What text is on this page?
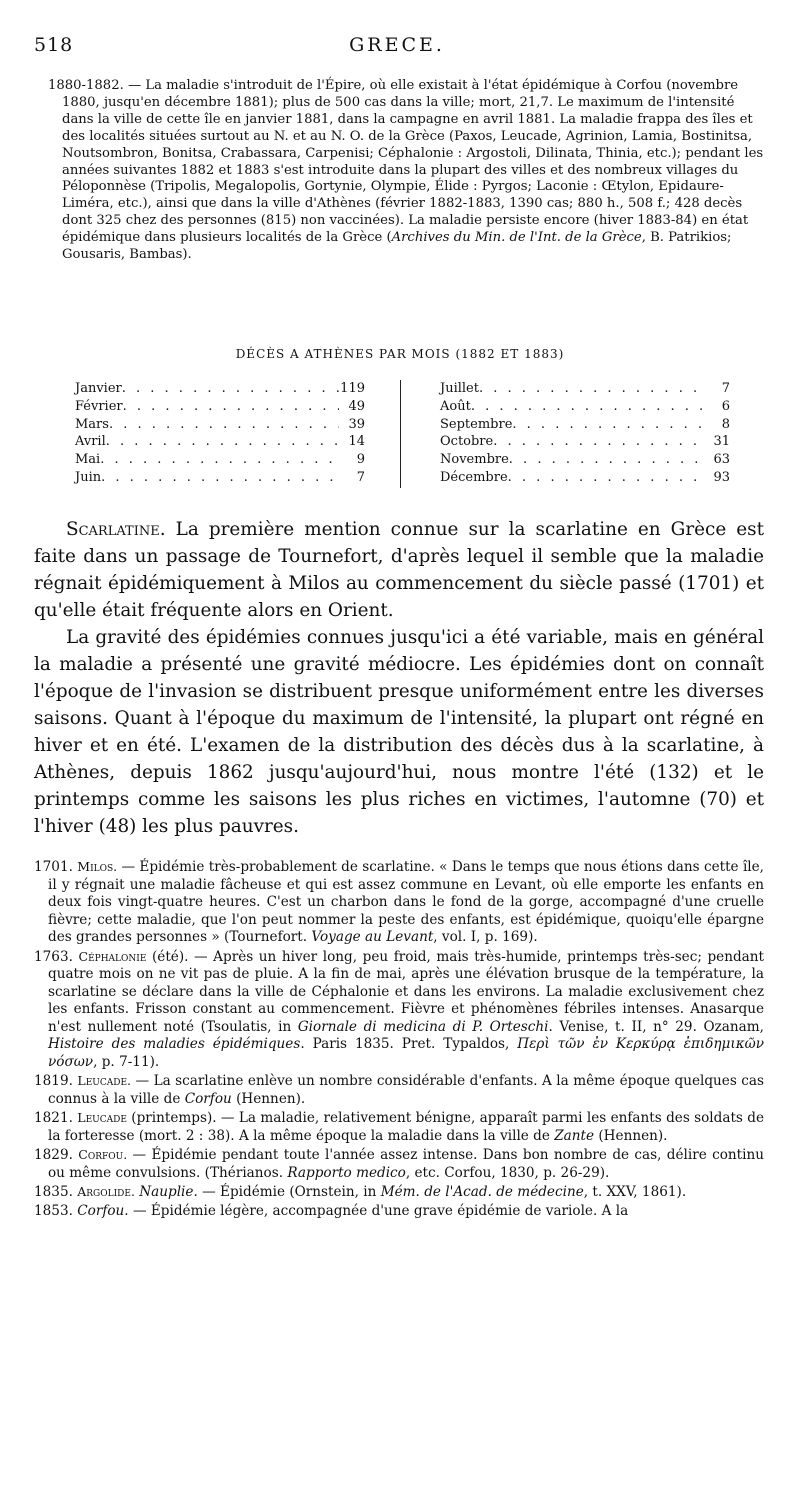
518	GRECE.

1880-1882. — La maladie s'introduit de l'Épire, où elle existait à l'état épidémique à Corfou (novembre 1880, jusqu'en décembre 1881); plus de 500 cas dans la ville; mort, 21,7. Le maximum de l'intensité dans la ville de cette île en janvier 1881, dans la campagne en avril 1881. La maladie frappa des îles et des localités situées surtout au N. et au N. O. de la Grèce (Paxos, Leucade, Agrinion, Lamia, Bostinitsa, Noutsombron, Bonitsa, Crabassara, Carpenisi; Céphalonie : Argostoli, Dilinata, Thinia, etc.); pendant les années suivantes 1882 et 1883 s'est introduite dans la plupart des villes et des nombreux villages du Péloponnèse (Tripolis, Megalopolis, Gortynie, Olympie, Élide : Pyrgos; Laconie : Œtylon, Epidaure-Liméra, etc.), ainsi que dans la ville d'Athènes (février 1882-1883, 1390 cas; 880 h., 508 f.; 428 decès dont 325 chez des personnes (815) non vaccinées). La maladie persiste encore (hiver 1883-84) en état épidémique dans plusieurs localités de la Grèce (Archives du Min. de l'Int. de la Grèce, B. Patrikios; Gousaris, Bambas).

DÉCÈS A ATHÈNES PAR MOIS (1882 ET 1883)
Janvier . . .	119
Février . . .	49
Mars . . .	39
Avril . . .	14
Mai . . .	9
Juin . . .	7
Juillet . . .	7
Août . . .	6
Septembre . . .	8
Octobre . . .	31
Novembre . . .	63
Décembre . . .	93

Scarlatine. La première mention connue sur la scarlatine en Grèce est faite dans un passage de Tournefort, d'après lequel il semble que la maladie régnait épidémiquement à Milos au commencement du siècle passé (1701) et qu'elle était fréquente alors en Orient.

La gravité des épidémies connues jusqu'ici a été variable, mais en général la maladie a présenté une gravité médiocre. Les épidémies dont on connaît l'époque de l'invasion se distribuent presque uniformément entre les diverses saisons. Quant à l'époque du maximum de l'intensité, la plupart ont régné en hiver et en été. L'examen de la distribution des décès dus à la scarlatine, à Athènes, depuis 1862 jusqu'aujourd'hui, nous montre l'été (132) et le printemps comme les saisons les plus riches en victimes, l'automne (70) et l'hiver (48) les plus pauvres.

1701. Milos. — Épidémie très-probablement de scarlatine. « Dans le temps que nous étions dans cette île, il y régnait une maladie fâcheuse et qui est assez commune en Levant, où elle emporte les enfants en deux fois vingt-quatre heures. C'est un charbon dans le fond de la gorge, accompagné d'une cruelle fièvre; cette maladie, que l'on peut nommer la peste des enfants, est épidémique, quoiqu'elle épargne des grandes personnes » (Tournefort. Voyage au Levant, vol. I, p. 169).

1763. Céphalonie (été). — Après un hiver long, peu froid, mais très-humide, printemps très-sec; pendant quatre mois on ne vit pas de pluie. A la fin de mai, après une élévation brusque de la température, la scarlatine se déclare dans la ville de Céphalonie et dans les environs. La maladie exclusivement chez les enfants. Frisson constant au commencement. Fièvre et phénomènes fébriles intenses. Anasarque n'est nullement noté (Tsoulatis, in Giornale di medicina di P. Orteschi. Venise, t. II, n° 29. Ozanam, Histoire des maladies épidémiques. Paris 1835. Pret. Typaldos, Περὶ τῶν ἐν Κερκύρᾳ ἐπιδημικῶν νόσων, p. 7-11).

1819. Leucade. — La scarlatine enlève un nombre considérable d'enfants. A la même époque quelques cas connus à la ville de Corfou (Hennen).

1821. Leucade (printemps). — La maladie, relativement bénigne, apparaît parmi les enfants des soldats de la forteresse (mort. 2 : 38). A la même époque la maladie dans la ville de Zante (Hennen).

1829. Corfou. — Épidémie pendant toute l'année assez intense. Dans bon nombre de cas, délire continu ou même convulsions. (Thérianos. Rapporto medico, etc. Corfou, 1830, p. 26-29).

1835. Argolide. Nauplie. — Épidémie (Ornstein, in Mém. de l'Acad. de médecine, t. XXV, 1861).

1853. Corfou. — Épidémie légère, accompagnée d'une grave épidémie de variole. A la
